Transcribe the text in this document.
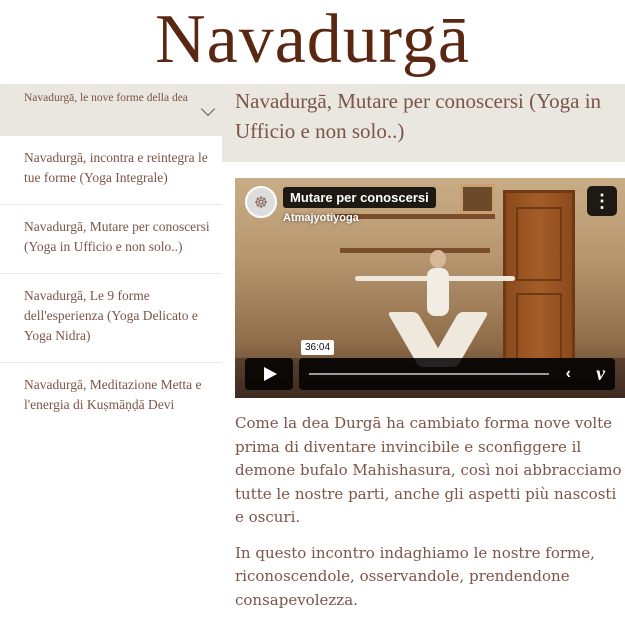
Navadurgā
Navadurgā, le nove forme della dea
Navadurgā, incontra e reintegra le tue forme (Yoga Integrale)
Navadurgā, Mutare per conoscersi (Yoga in Ufficio e non solo..)
Navadurgā, Le 9 forme dell'esperienza (Yoga Delicato e Yoga Nidra)
Navadurgā, Meditazione Metta e l'energia di Kuṣmāṇḍā Devi
Navadurgā, Mutare per conoscersi (Yoga in Ufficio e non solo..)
☸	Mutare per conoscersi
Atmajyotiyoga
⋮
36:04
‹ v

Come la dea Durgā ha cambiato forma nove volte prima di diventare invincibile e sconfiggere il demone bufalo Mahishasura, così noi abbracciamo tutte le nostre parti, anche gli aspetti più nascosti e oscuri.

In questo incontro indaghiamo le nostre forme, riconoscendole, osservandole, prendendone consapevolezza.
